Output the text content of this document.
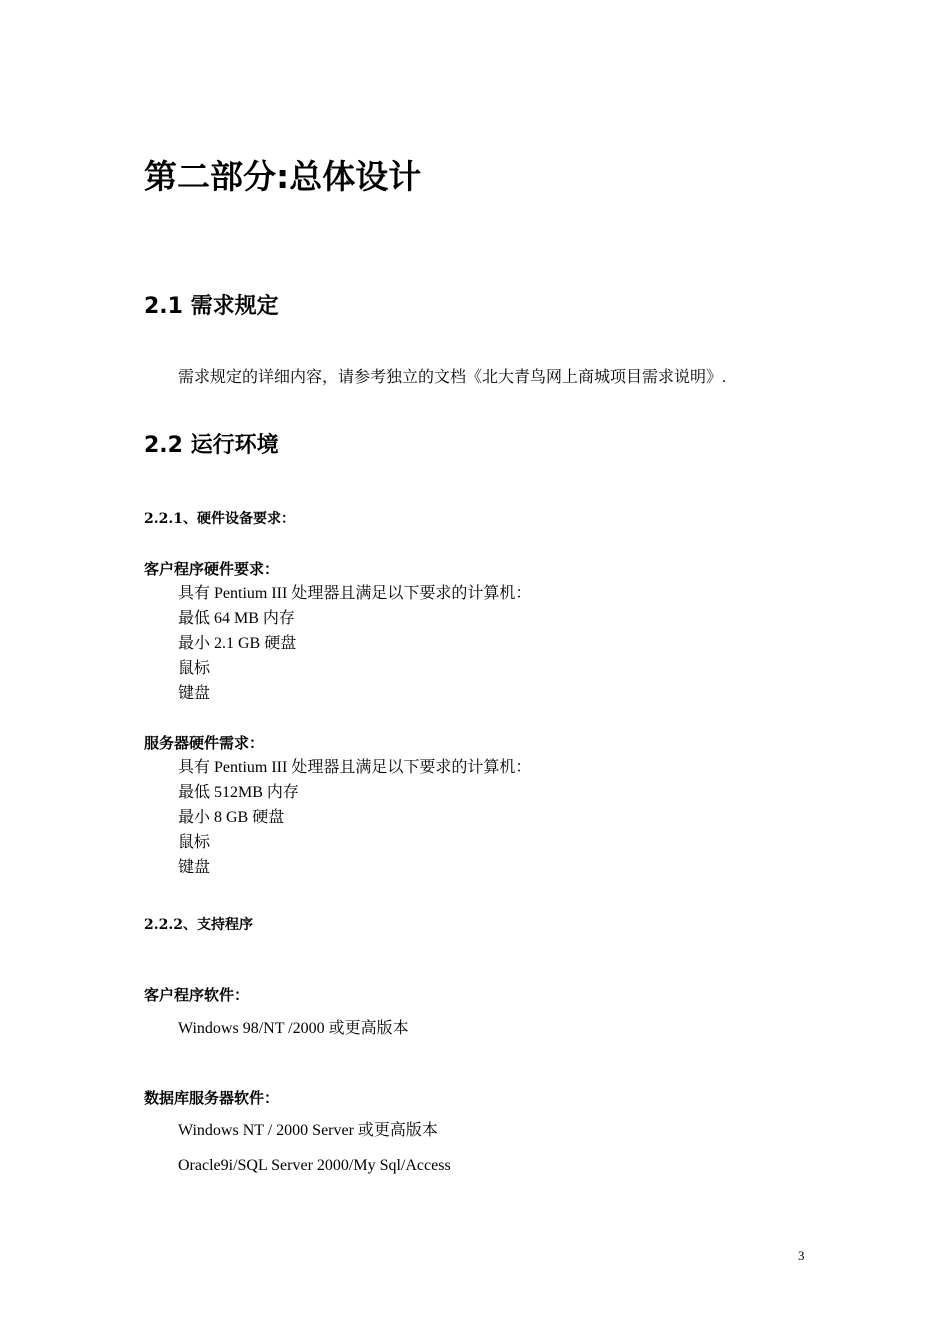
第二部分:总体设计
2.1 需求规定
需求规定的详细内容，请参考独立的文档《北大青鸟网上商城项目需求说明》.
2.2 运行环境
2.2.1、硬件设备要求：
客户程序硬件要求：
具有 Pentium III 处理器且满足以下要求的计算机：
最低 64 MB 内存
最小 2.1 GB 硬盘
鼠标
键盘
服务器硬件需求：
具有 Pentium III 处理器且满足以下要求的计算机：
最低 512MB 内存
最小 8 GB 硬盘
鼠标
键盘
2.2.2、支持程序
客户程序软件：
Windows 98/NT /2000 或更高版本
数据库服务器软件：
Windows NT / 2000 Server 或更高版本
Oracle9i/SQL Server 2000/My Sql/Access
3
